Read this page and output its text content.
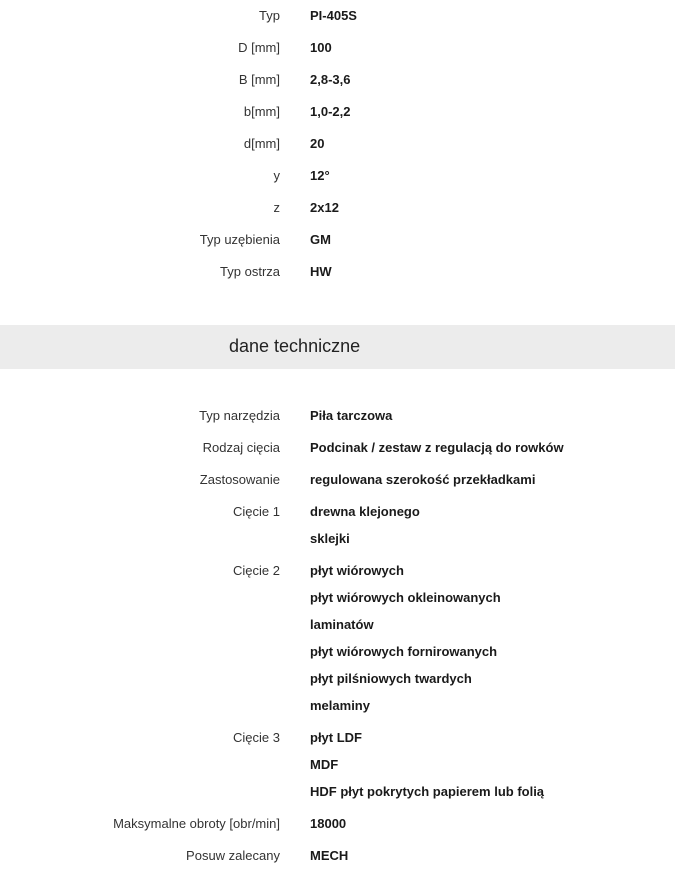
Typ PI-405S
D [mm] 100
B [mm] 2,8-3,6
b[mm] 1,0-2,2
d[mm] 20
y 12°
z 2x12
Typ uzębienia GM
Typ ostrza HW
dane techniczne
Typ narzędzia Piła tarczowa
Rodzaj cięcia Podcinak / zestaw z regulacją do rowków
Zastosowanie regulowana szerokość przekładkami
Cięcie 1 drewna klejonego
sklejki
Cięcie 2 płyt wiórowych
płyt wiórowych okleinowanych
laminatów
płyt wiórowych fornirowanych
płyt pilśniowych twardych
melaminy
Cięcie 3 płyt LDF
MDF
HDF płyt pokrytych papierem lub folią
Maksymalne obroty [obr/min] 18000
Posuw zalecany MECH
